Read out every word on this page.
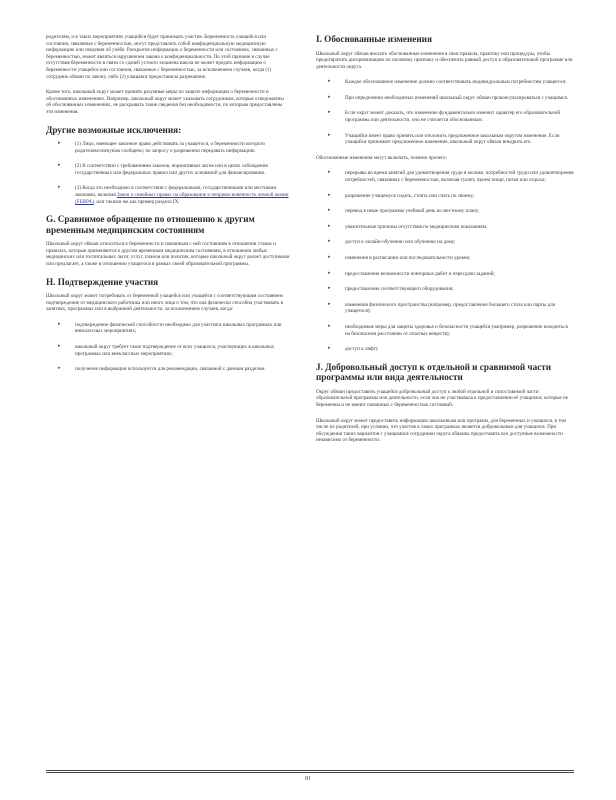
родителям, и в таких мероприятиях учащийся будет принимать участие. Беременность учащейся или состояния, связанные с беременностью, могут представлять собой конфиденциальную медицинскую информацию или сведения об учёбе. Раскрытие информации о беременности или состояниях, связанных с беременностью, может являться нарушением закона о конфиденциальности. По этой причине в случае отсутствия беременности в связи со сдачей устного экзамена школа не может предать информацию о беременности учащейся или состояния, связанные с беременностью, за исключением случаев, когда (1) сотрудник обязан по закону, либо (2) учащаяся предоставила разрешение.

Кроме того, школьный округ может принять разумные меры по защите информации о беременности и обоснованных изменениях. Например, школьный округ может указывать сотрудникам, которые осведомлены об обоснованных изменениях, не раскрывать такие сведения без необходимости, по которым предоставлены эти изменения.

Другие возможные исключения:
▸	(1) Лицо, имеющее законное право действовать за учащегося, о беременности которого родителям/опекунам сообщено; по запросу о разрешении передавать информацию.
▸	(2) В соответствии с требованиями законов, нормативных актов или в целях соблюдения государственных или федеральных правил или других оснований для финансирования.
▸	(3) Когда это необходимо в соответствии с федеральными, государственными или местными законами, включая Закон о семейных правах на образование и неприкосновенность личной жизни (FERPA), или такими же как пример раздела IX.
G. Сравнимое обращение по отношению к другим временным медицинским состояниям

Школьный округ обязан относиться к беременности и связанным с ней состояниям в отношении ставок и правилах, которые применяются к другим временным медицинским состояниям, в отношении любых медицинских или госпитальных льгот, услуг, планов или политик, которые школьный округ делает доступными или предлагает, а также в отношении учащегося в рамках своей образовательной программы.

H. Подтверждение участия

Школьный округ может потребовать от беременной учащейся или учащейся с соответствующим состоянием подтверждение от медицинского работника или иного лица о том, что она физически способна участвовать в занятиях, программах или в выбранной деятельности, за исключением случаев, когда:

▸	подтверждение физической способности необходимо для участия в школьных программах или внеклассных мероприятиях;
▸	школьный округ требует такое подтверждение от всех учащихся, участвующих в школьных программах или внеклассных мероприятиях;
▸	получение информации используется для рекомендации, связанной с данным разделом.
I. Обоснованные изменения

Школьный округ обязан вносить обоснованные изменения в свои правила, практику или процедуры, чтобы предотвратить дискриминацию по половому признаку и обеспечить равный доступ к образовательной программе или деятельности округа.

▸	Каждое обоснованное изменение должно соответствовать индивидуальным потребностям учащегося.
▸	При определении необходимых изменений школьный округ обязан проконсультироваться с учащимся.
▸	Если округ может доказать, что изменение фундаментально изменит характер его образовательной программы или деятельности, оно не считается обоснованным.
▸	Учащийся имеет право принять или отклонить предложенное школьным округом изменение. Если учащийся принимает предложенное изменение, школьный округ обязан внедрить его.

Обоснованные изменения могут включать, помимо прочего:

▸	перерывы во время занятий для удовлетворения груди в молоке, потребностей груди или удовлетворения потребностей, связанных с беременностью, включая туалет, прием пищи, питья или отдыха;
▸	разрешение учащемуся сидеть, стоять или спать по своему;
▸	перевод в иные программы учебный день по местному плану;
▸	уважительные причины отсутствия по медицинским показаниям;
▸	доступ к онлайн-обучению или обучению на дому;
▸	изменения в расписании или последовательности уроков;
▸	предоставление возможности повторных работ и пересдачи заданий;
▸	предоставление соответствующего оборудования;
▸	изменения физического пространства (например, предоставление большего стола или парты для учащегося);
▸	необходимые меры для защиты здоровья и безопасности учащейся (например, разрешение находиться на безопасном расстоянии от опасных веществ);
▸	доступ к лифту
J. Добровольный доступ к отдельной и сравнимой части программы или вида деятельности

Округ обязан предоставить учащейся добровольный доступ к любой отдельной и сопоставимой части образовательной программы или деятельности, если она не участвовала в предоставлении её учащимся, которые не беременны и не имеют связанных с беременностью состояний.

Школьный округ может предоставить информацию школьникам или программ, для беременных и учащихся, в том числе их родителей, при условии, что участие в таких программах является добровольным для учащихся. При обсуждении таких вариантов с учащимися сотрудники округа обязаны предоставить все доступные возможности независимо от беременности.

81
